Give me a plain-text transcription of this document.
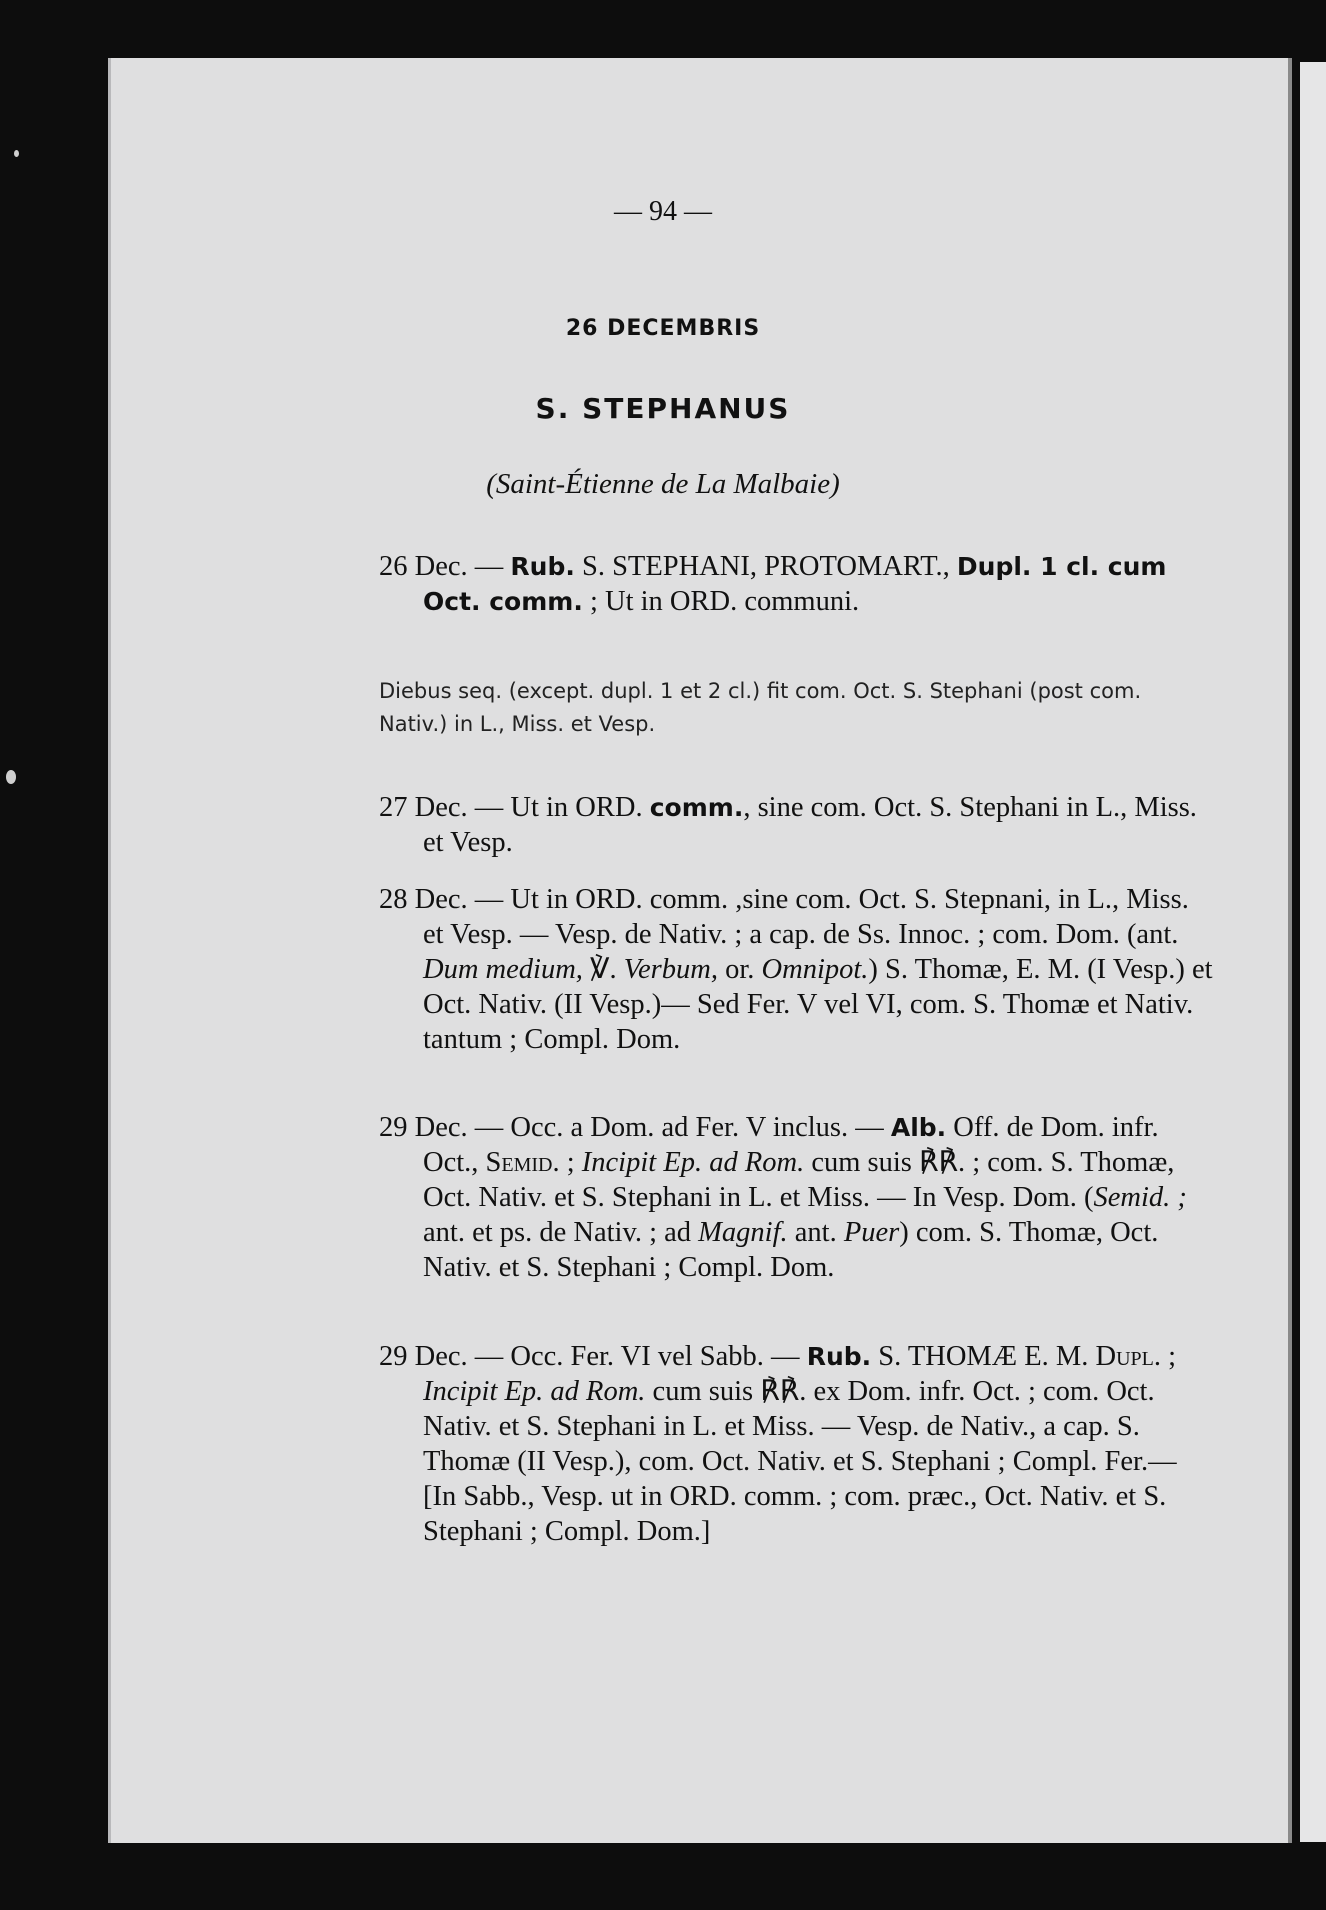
— 94 —

26 DECEMBRIS

S. STEPHANUS

(Saint-Étienne de La Malbaie)

26 Dec. — Rub. S. STEPHANI, PROTOMART., Dupl. 1 cl. cum Oct. comm. ; Ut in ORD. communi.

Diebus seq. (except. dupl. 1 et 2 cl.) fit com. Oct. S. Stephani (post com. Nativ.) in L., Miss. et Vesp.

27 Dec. — Ut in ORD. comm., sine com. Oct. S. Stephani in L., Miss. et Vesp.

28 Dec. — Ut in ORD. comm. ,sine com. Oct. S. Stepnani, in L., Miss. et Vesp. — Vesp. de Nativ. ; a cap. de Ss. Innoc. ; com. Dom. (ant. Dum medium, ℣. Verbum, or. Omnipot.) S. Thomæ, E. M. (I Vesp.) et Oct. Nativ. (II Vesp.)— Sed Fer. V vel VI, com. S. Thomæ et Nativ. tantum ; Compl. Dom.

29 Dec. — Occ. a Dom. ad Fer. V inclus. — Alb. Off. de Dom. infr. Oct., Semid. ; Incipit Ep. ad Rom. cum suis ℟℟. ; com. S. Thomæ, Oct. Nativ. et S. Stephani in L. et Miss. — In Vesp. Dom. (Semid. ; ant. et ps. de Nativ. ; ad Magnif. ant. Puer) com. S. Thomæ, Oct. Nativ. et S. Stephani ; Compl. Dom.

29 Dec. — Occ. Fer. VI vel Sabb. — Rub. S. THOMÆ E. M. Dupl. ; Incipit Ep. ad Rom. cum suis ℟℟. ex Dom. infr. Oct. ; com. Oct. Nativ. et S. Stephani in L. et Miss. — Vesp. de Nativ., a cap. S. Thomæ (II Vesp.), com. Oct. Nativ. et S. Stephani ; Compl. Fer.— [In Sabb., Vesp. ut in ORD. comm. ; com. præc., Oct. Nativ. et S. Stephani ; Compl. Dom.]
